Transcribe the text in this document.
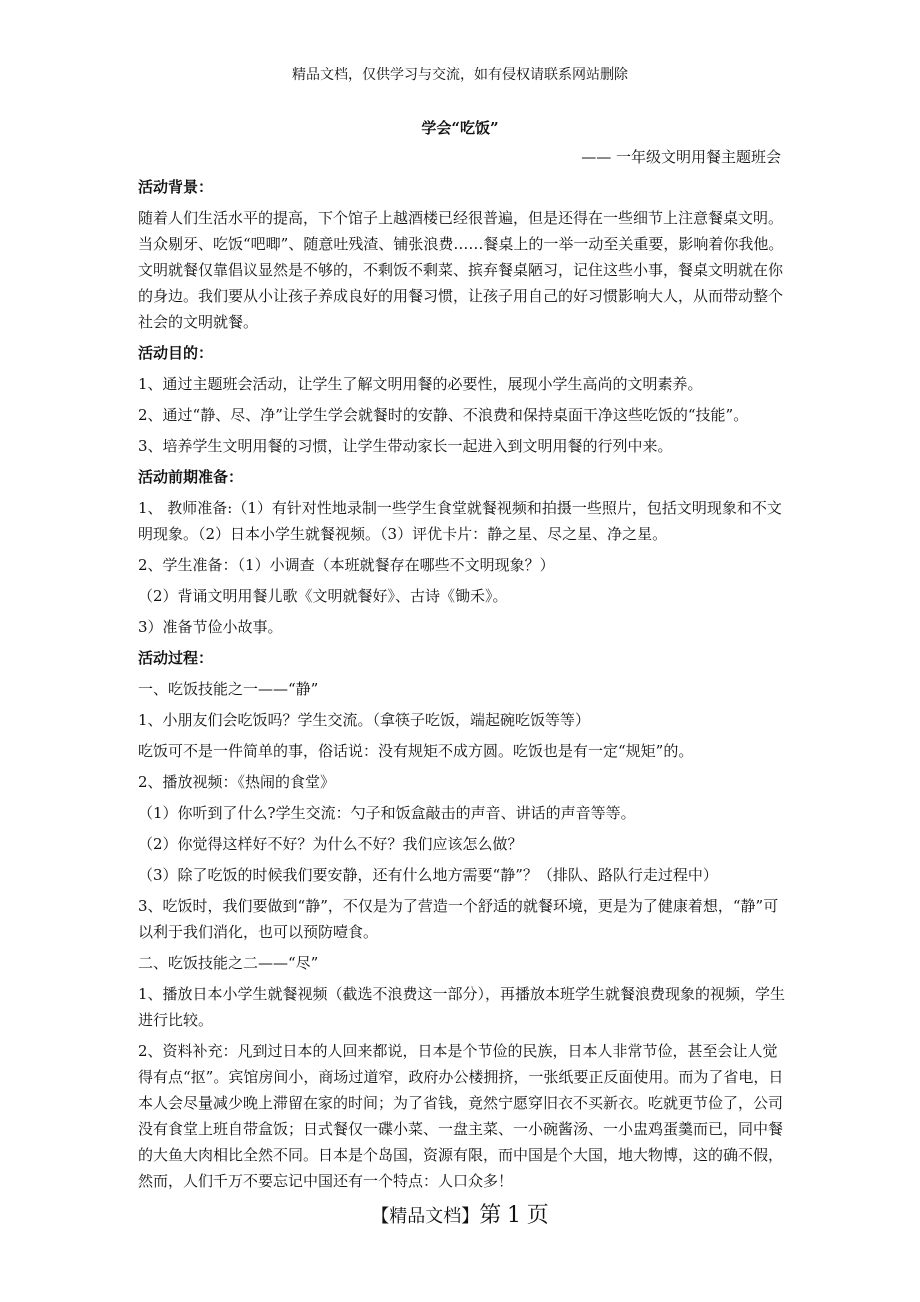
精品文档，仅供学习与交流，如有侵权请联系网站删除
学会“吃饭”
—— 一年级文明用餐主题班会

活动背景：

随着人们生活水平的提高，下个馆子上越酒楼已经很普遍，但是还得在一些细节上注意餐桌文明。当众剔牙、吃饭“吧唧”、随意吐残渣、铺张浪费……餐桌上的一举一动至关重要，影响着你我他。文明就餐仅靠倡议显然是不够的，不剩饭不剩菜、摈弃餐桌陋习，记住这些小事，餐桌文明就在你的身边。我们要从小让孩子养成良好的用餐习惯，让孩子用自己的好习惯影响大人，从而带动整个社会的文明就餐。

活动目的：

1、通过主题班会活动，让学生了解文明用餐的必要性，展现小学生高尚的文明素养。

2、通过“静、尽、净”让学生学会就餐时的安静、不浪费和保持桌面干净这些吃饭的“技能”。

3、培养学生文明用餐的习惯，让学生带动家长一起进入到文明用餐的行列中来。

活动前期准备：

1、 教师准备:（1）有针对性地录制一些学生食堂就餐视频和拍摄一些照片，包括文明现象和不文明现象。（2）日本小学生就餐视频。（3）评优卡片：静之星、尽之星、净之星。

2、学生准备：（1）小调查（本班就餐存在哪些不文明现象？）

（2）背诵文明用餐儿歌《文明就餐好》、古诗《锄禾》。

3）准备节俭小故事。

活动过程：

一、吃饭技能之一——“静”

1、小朋友们会吃饭吗？学生交流。（拿筷子吃饭，端起碗吃饭等等）

吃饭可不是一件简单的事，俗话说：没有规矩不成方圆。吃饭也是有一定“规矩”的。

2、播放视频：《热闹的食堂》

（1）你听到了什么?学生交流：勺子和饭盒敲击的声音、讲话的声音等等。

（2）你觉得这样好不好？为什么不好？我们应该怎么做？

（3）除了吃饭的时候我们要安静，还有什么地方需要“静”？（排队、路队行走过程中）

3、吃饭时，我们要做到“静”，不仅是为了营造一个舒适的就餐环境，更是为了健康着想，“静”可以利于我们消化，也可以预防噎食。

二、吃饭技能之二——“尽”

1、播放日本小学生就餐视频（截选不浪费这一部分），再播放本班学生就餐浪费现象的视频，学生进行比较。

2、资料补充：凡到过日本的人回来都说，日本是个节俭的民族，日本人非常节俭，甚至会让人觉得有点“抠”。宾馆房间小，商场过道窄，政府办公楼拥挤，一张纸要正反面使用。而为了省电，日本人会尽量减少晚上滞留在家的时间；为了省钱，竟然宁愿穿旧衣不买新衣。吃就更节俭了，公司没有食堂上班自带盒饭；日式餐仅一碟小菜、一盘主菜、一小碗酱汤、一小盅鸡蛋羹而已，同中餐的大鱼大肉相比全然不同。日本是个岛国，资源有限，而中国是个大国，地大物博，这的确不假，然而，人们千万不要忘记中国还有一个特点：人口众多！

【精品文档】第 1 页
